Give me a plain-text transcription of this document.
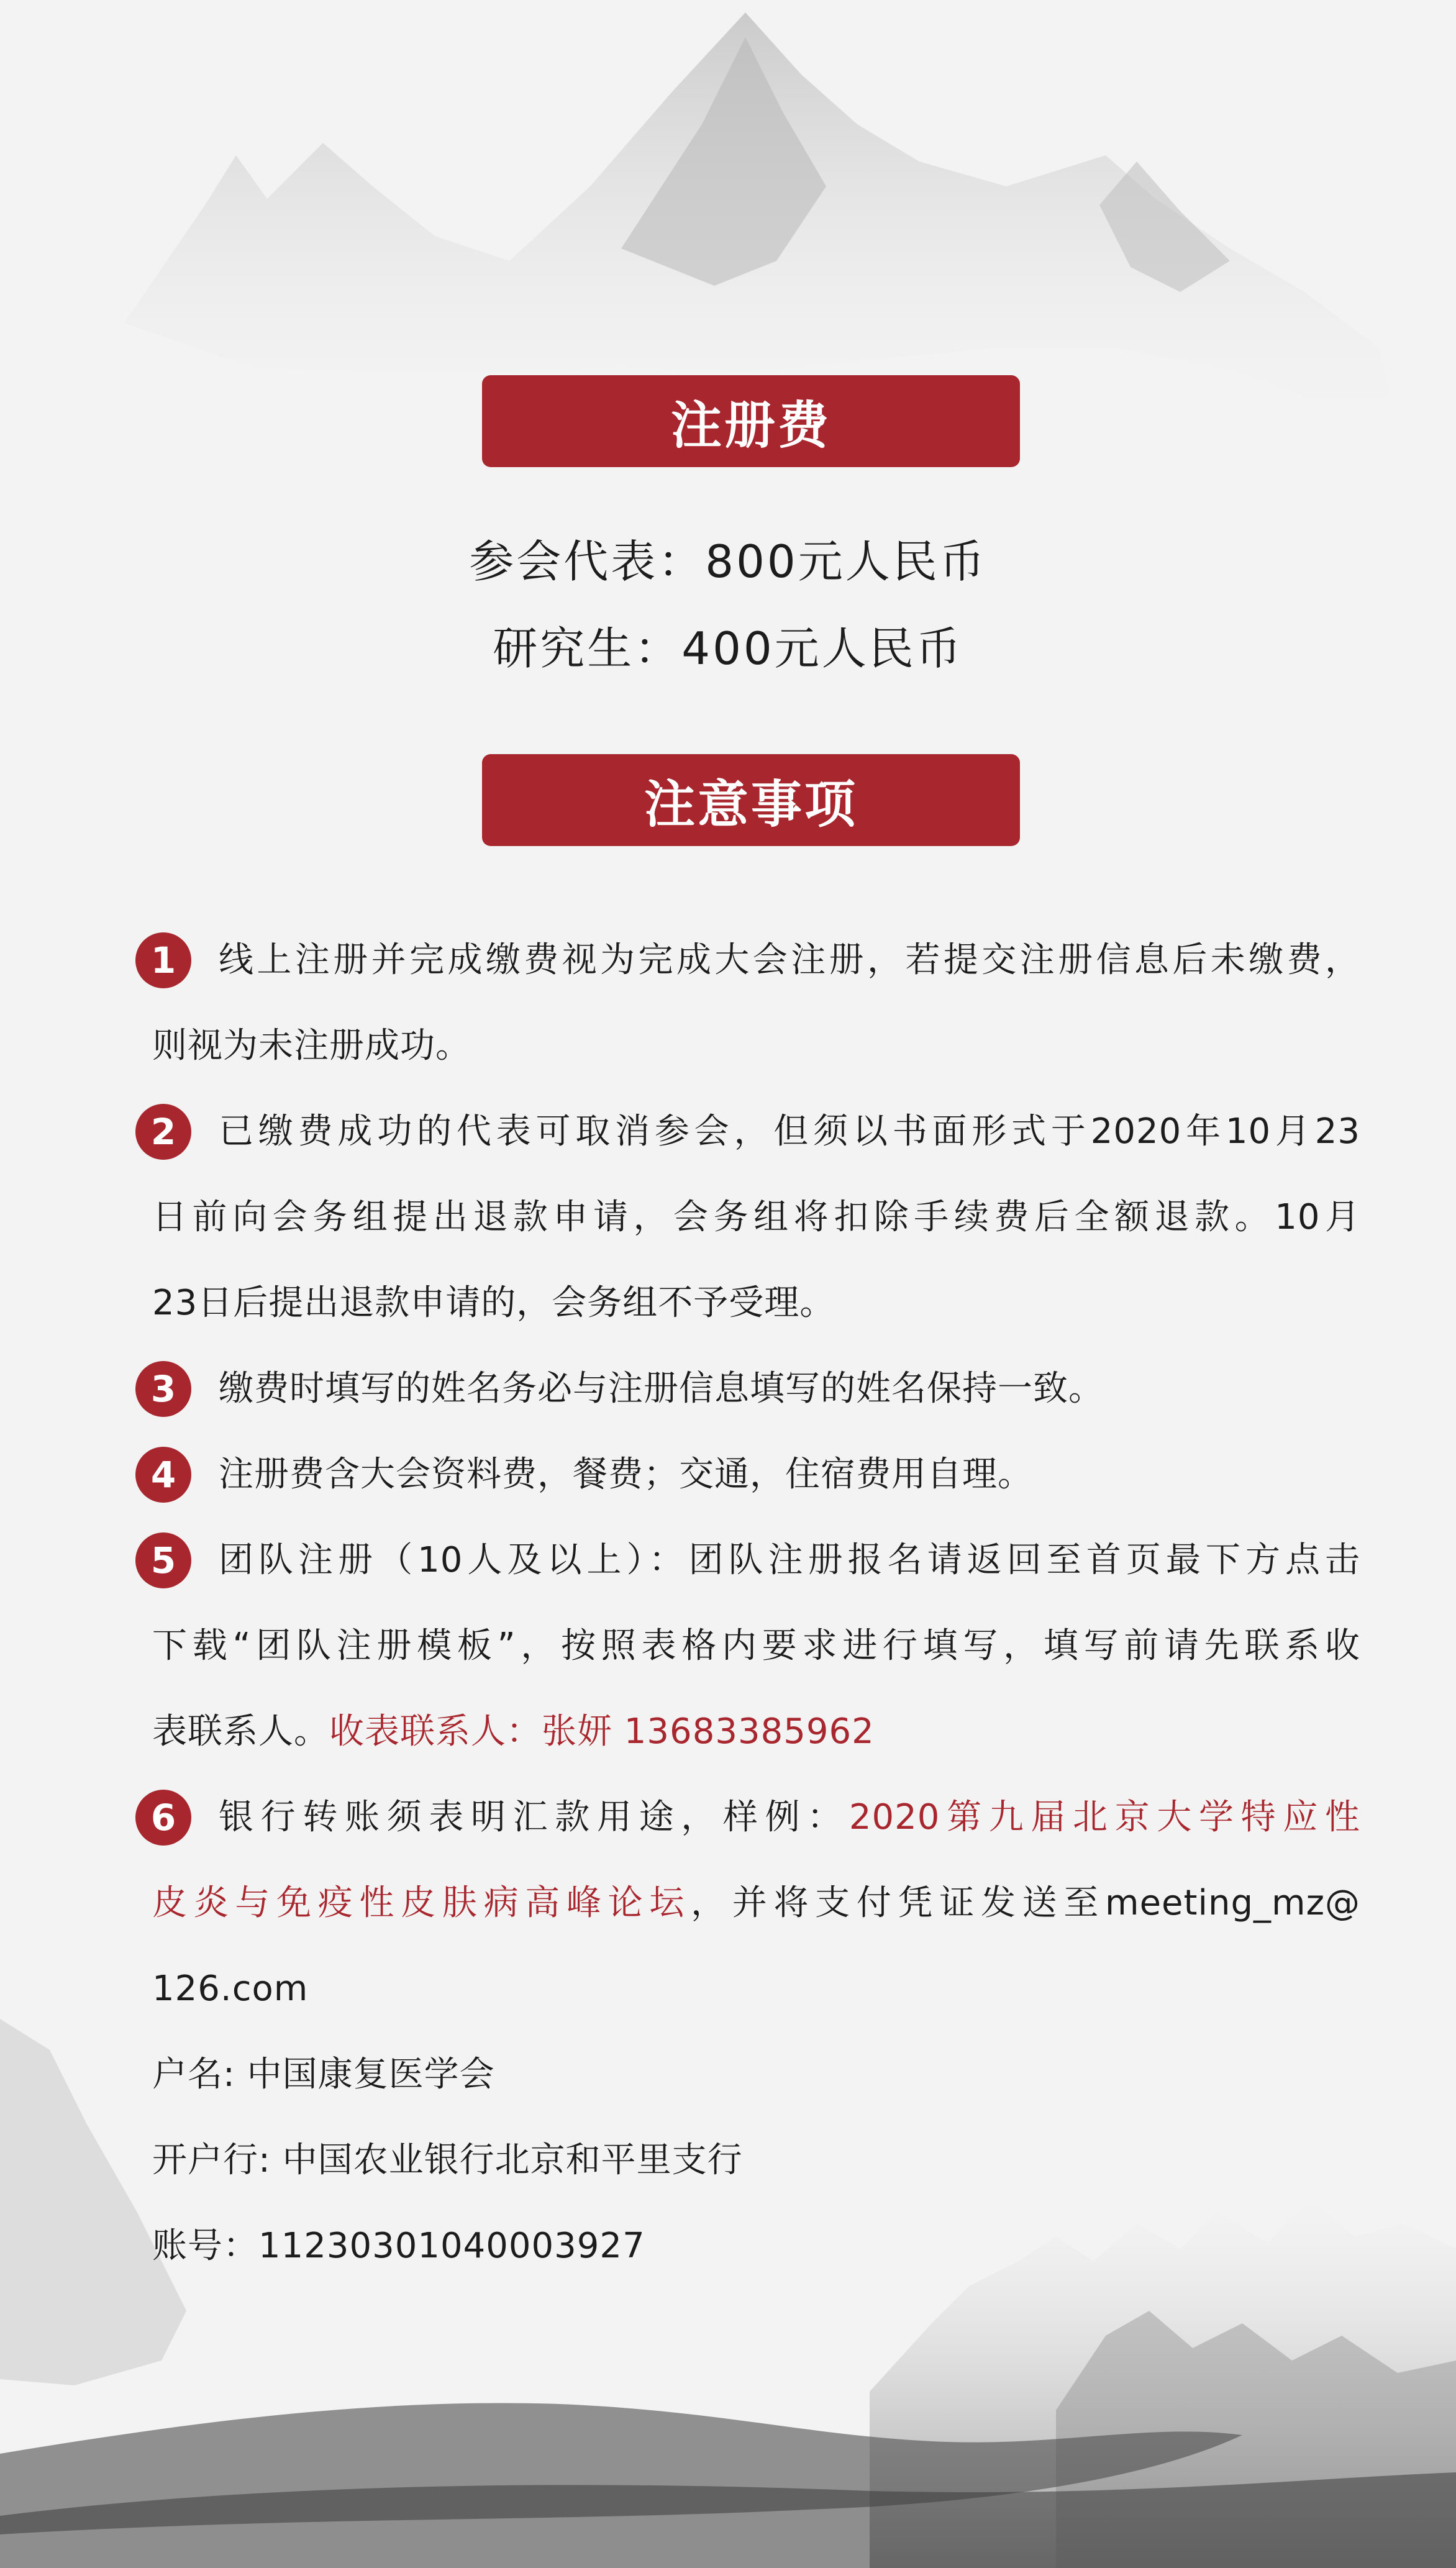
注册费
参会代表：800元人民币
研究生：400元人民币
注意事项
1	线上注册并完成缴费视为完成大会注册，若提交注册信息后未缴费，
则视为未注册成功。
2	已缴费成功的代表可取消参会，但须以书面形式于2020年10月23
日前向会务组提出退款申请，会务组将扣除手续费后全额退款。10月
23日后提出退款申请的，会务组不予受理。
3	缴费时填写的姓名务必与注册信息填写的姓名保持一致。
4	注册费含大会资料费，餐费；交通，住宿费用自理。
5	团队注册（10人及以上）：团队注册报名请返回至首页最下方点击
下载“团队注册模板”，按照表格内要求进行填写，填写前请先联系收
表联系人。收表联系人：张妍 13683385962
6	银行转账须表明汇款用途，样例：2020第九届北京大学特应性
皮炎与免疫性皮肤病高峰论坛，并将支付凭证发送至meeting_mz@
126.com
户名: 中国康复医学会
开户行: 中国农业银行北京和平里支行
账号：11230301040003927
